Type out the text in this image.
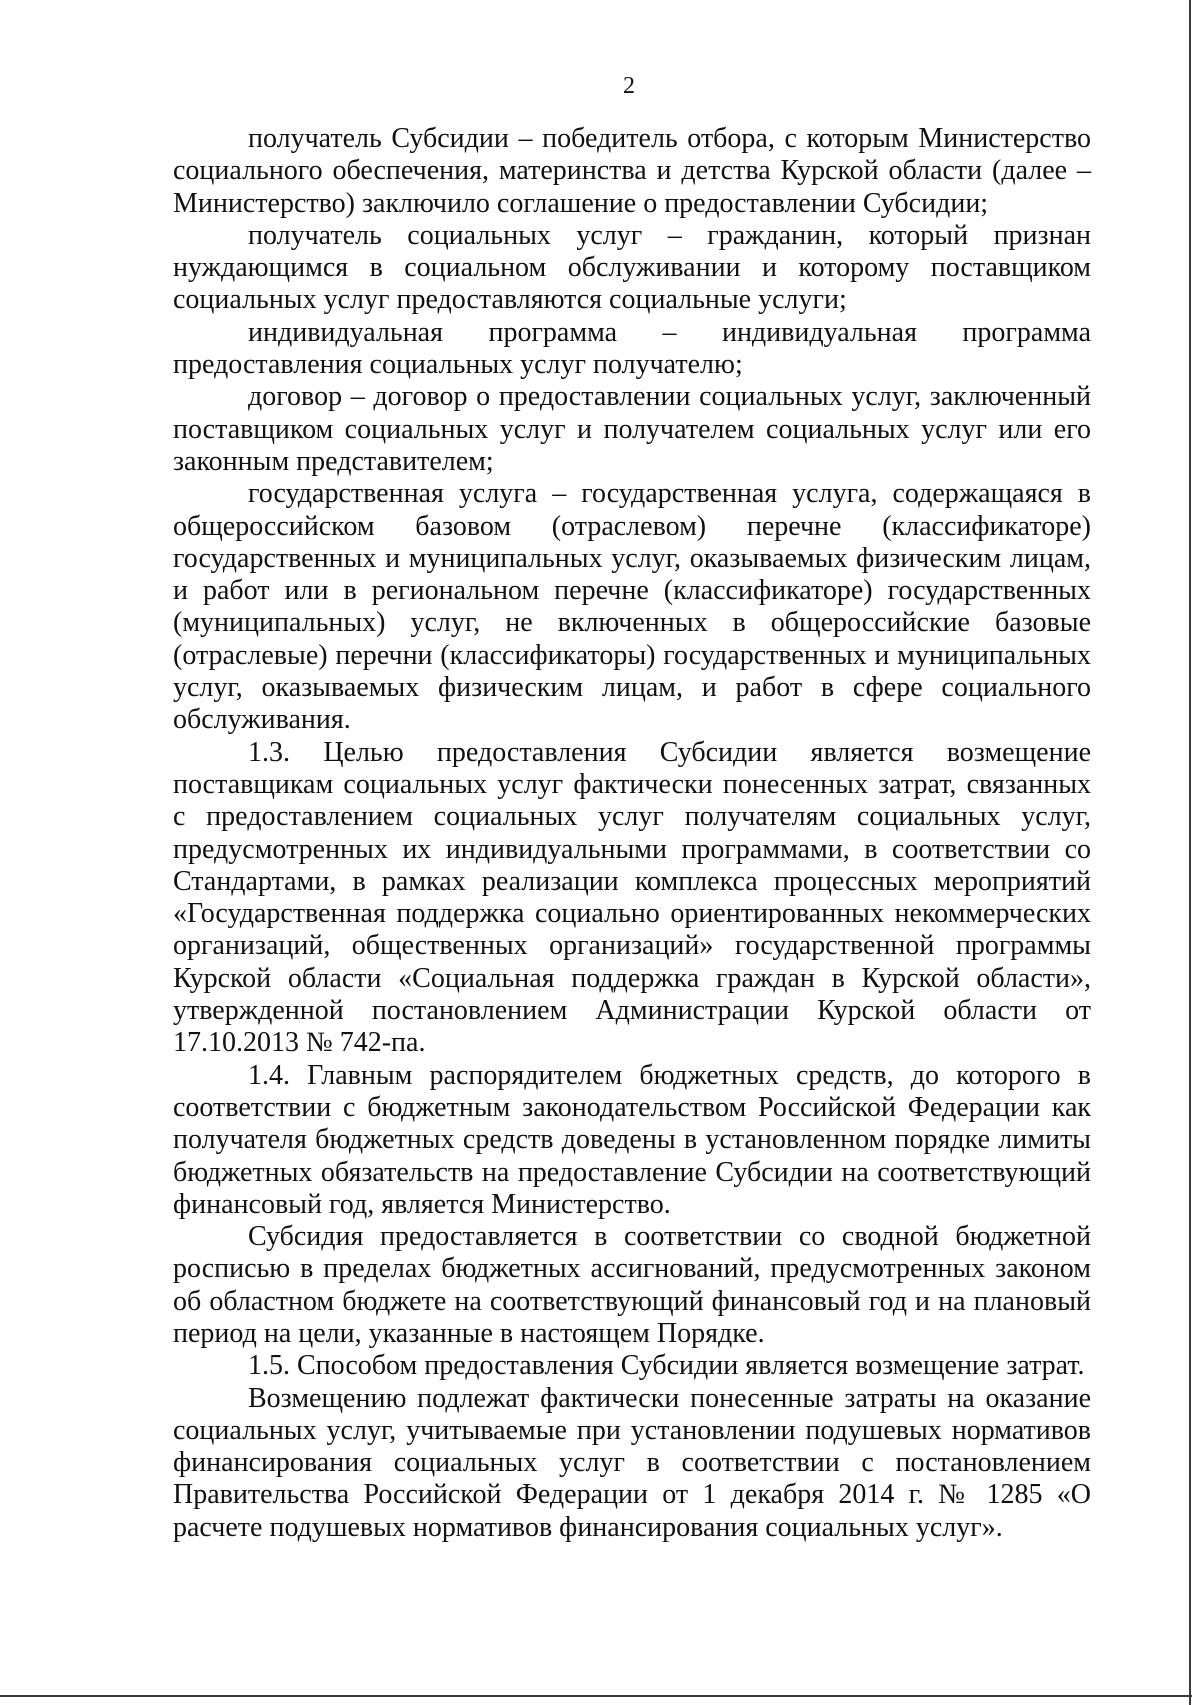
2

получатель Субсидии – победитель отбора, с которым Министерство социального обеспечения, материнства и детства Курской области (далее – Министерство) заключило соглашение о предоставлении Субсидии;

получатель социальных услуг – гражданин, который признан нуждающимся в социальном обслуживании и которому поставщиком социальных услуг предоставляются социальные услуги;

индивидуальная программа – индивидуальная программа предоставления социальных услуг получателю;

договор – договор о предоставлении социальных услуг, заключенный поставщиком социальных услуг и получателем социальных услуг или его законным представителем;

государственная услуга – государственная услуга, содержащаяся в общероссийском базовом (отраслевом) перечне (классификаторе) государственных и муниципальных услуг, оказываемых физическим лицам, и работ или в региональном перечне (классификаторе) государственных (муниципальных) услуг, не включенных в общероссийские базовые (отраслевые) перечни (классификаторы) государственных и муниципальных услуг, оказываемых физическим лицам, и работ в сфере социального обслуживания.

1.3. Целью предоставления Субсидии является возмещение поставщикам социальных услуг фактически понесенных затрат, связанных с предоставлением социальных услуг получателям социальных услуг, предусмотренных их индивидуальными программами, в соответствии со Стандартами, в рамках реализации комплекса процессных мероприятий «Государственная поддержка социально ориентированных некоммерческих организаций, общественных организаций» государственной программы Курской области «Социальная поддержка граждан в Курской области», утвержденной постановлением Администрации Курской области от 17.10.2013 № 742-па.

1.4. Главным распорядителем бюджетных средств, до которого в соответствии с бюджетным законодательством Российской Федерации как получателя бюджетных средств доведены в установленном порядке лимиты бюджетных обязательств на предоставление Субсидии на соответствующий финансовый год, является Министерство.

Субсидия предоставляется в соответствии со сводной бюджетной росписью в пределах бюджетных ассигнований, предусмотренных законом об областном бюджете на соответствующий финансовый год и на плановый период на цели, указанные в настоящем Порядке.

1.5. Способом предоставления Субсидии является возмещение затрат.

Возмещению подлежат фактически понесенные затраты на оказание социальных услуг, учитываемые при установлении подушевых нормативов финансирования социальных услуг в соответствии с постановлением Правительства Российской Федерации от 1 декабря 2014 г. № 1285 «О расчете подушевых нормативов финансирования социальных услуг».
